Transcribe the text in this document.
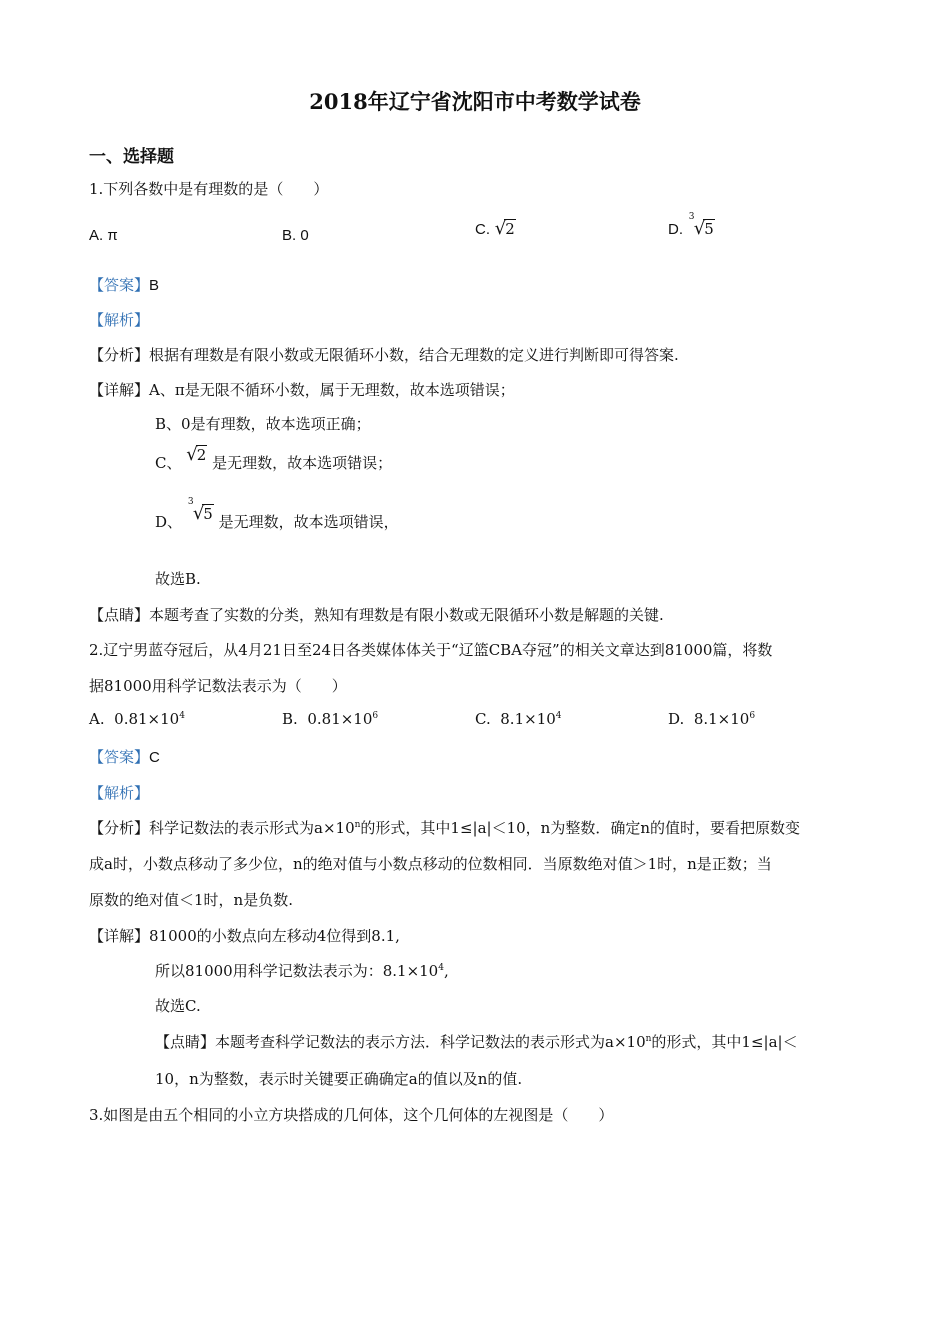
2018年辽宁省沈阳市中考数学试卷
一、选择题
1.下列各数中是有理数的是（　　）
A. π	B. 0	C. √2	D.
3
√5
【答案】B
【解析】
【分析】根据有理数是有限小数或无限循环小数，结合无理数的定义进行判断即可得答案.
【详解】A、π是无限不循环小数，属于无理数，故本选项错误；
B、0是有理数，故本选项正确；
C、 √2 是无理数，故本选项错误；
D、
3
√5 是无理数，故本选项错误，
故选B.
【点睛】本题考查了实数的分类，熟知有理数是有限小数或无限循环小数是解题的关键.
2.辽宁男蓝夺冠后，从4月21日至24日各类媒体体关于“辽篮CBA夺冠”的相关文章达到81000篇，将数
据81000用科学记数法表示为（　　）
A. $0.81\times 10^4$	B. $0.81\times 10^6$	C. $8.1\times 10^4$	D. $8.1\times 10^6$
【答案】C
【解析】
【分析】科学记数法的表示形式为$a\times 10^n$的形式，其中1≤|a|＜10，n为整数．确定n的值时，要看把原数变
成a时，小数点移动了多少位，n的绝对值与小数点移动的位数相同．当原数绝对值＞1时，n是正数；当
原数的绝对值＜1时，n是负数.
【详解】81000的小数点向左移动4位得到8.1,
所以81000用科学记数法表示为：$8.1\times 10^4$,
故选C.
【点睛】本题考查科学记数法的表示方法．科学记数法的表示形式为$a\times 10^n$的形式，其中1≤|a|＜
10，n为整数，表示时关键要正确确定a的值以及n的值.
3.如图是由五个相同的小立方块搭成的几何体，这个几何体的左视图是（　　）
